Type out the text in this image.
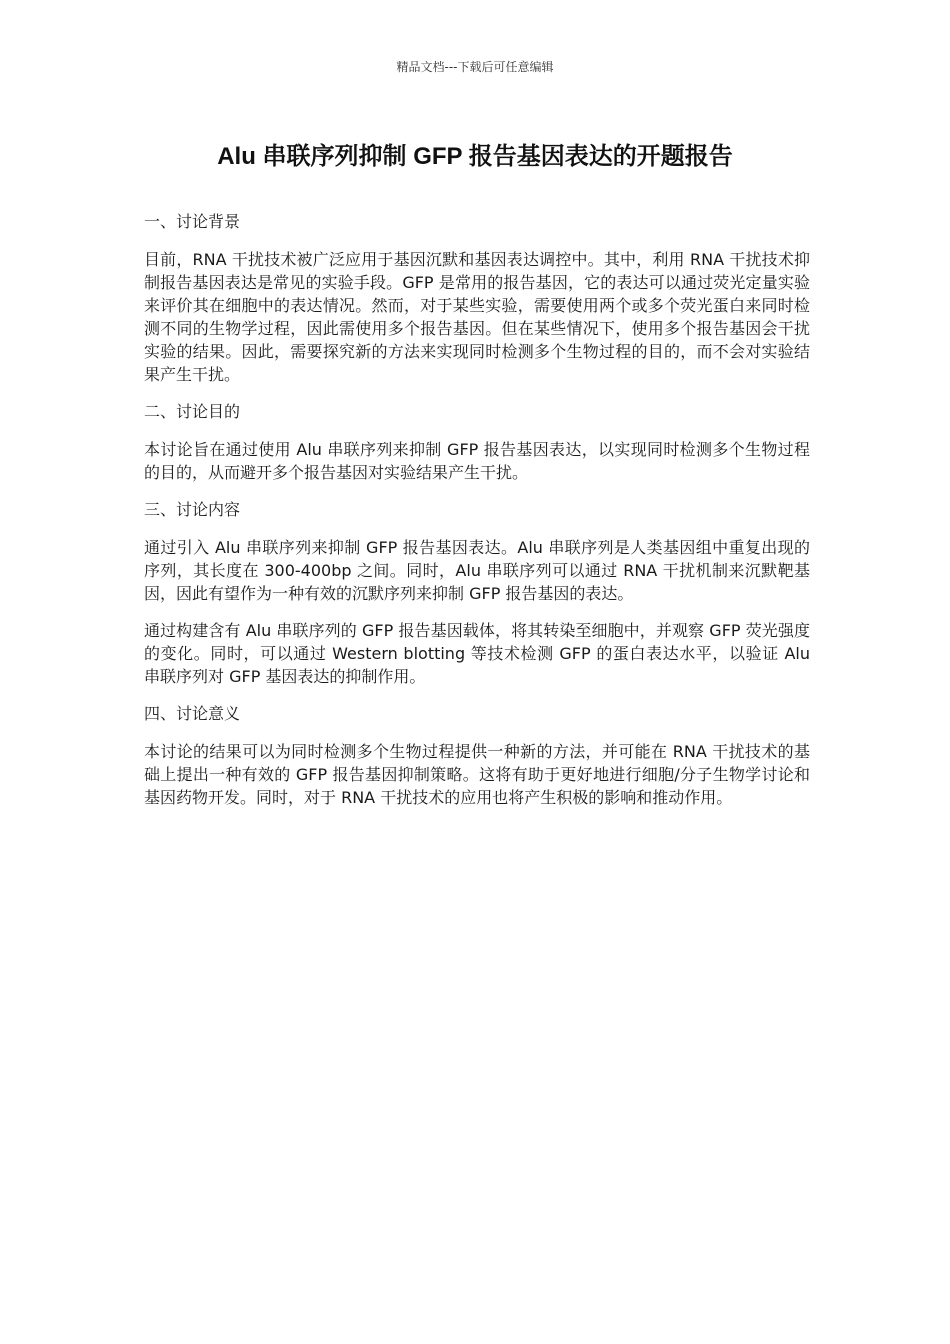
精品文档---下载后可任意编辑
Alu 串联序列抑制 GFP 报告基因表达的开题报告

一、讨论背景

目前，RNA 干扰技术被广泛应用于基因沉默和基因表达调控中。其中，利用 RNA 干扰技术抑制报告基因表达是常见的实验手段。GFP 是常用的报告基因，它的表达可以通过荧光定量实验来评价其在细胞中的表达情况。然而，对于某些实验，需要使用两个或多个荧光蛋白来同时检测不同的生物学过程，因此需使用多个报告基因。但在某些情况下，使用多个报告基因会干扰实验的结果。因此，需要探究新的方法来实现同时检测多个生物过程的目的，而不会对实验结果产生干扰。

二、讨论目的

本讨论旨在通过使用 Alu 串联序列来抑制 GFP 报告基因表达，以实现同时检测多个生物过程的目的，从而避开多个报告基因对实验结果产生干扰。

三、讨论内容

通过引入 Alu 串联序列来抑制 GFP 报告基因表达。Alu 串联序列是人类基因组中重复出现的序列，其长度在 300-400bp 之间。同时，Alu 串联序列可以通过 RNA 干扰机制来沉默靶基因，因此有望作为一种有效的沉默序列来抑制 GFP 报告基因的表达。

通过构建含有 Alu 串联序列的 GFP 报告基因载体，将其转染至细胞中，并观察 GFP 荧光强度的变化。同时，可以通过 Western blotting 等技术检测 GFP 的蛋白表达水平，以验证 Alu 串联序列对 GFP 基因表达的抑制作用。

四、讨论意义

本讨论的结果可以为同时检测多个生物过程提供一种新的方法，并可能在 RNA 干扰技术的基础上提出一种有效的 GFP 报告基因抑制策略。这将有助于更好地进行细胞/分子生物学讨论和基因药物开发。同时，对于 RNA 干扰技术的应用也将产生积极的影响和推动作用。
